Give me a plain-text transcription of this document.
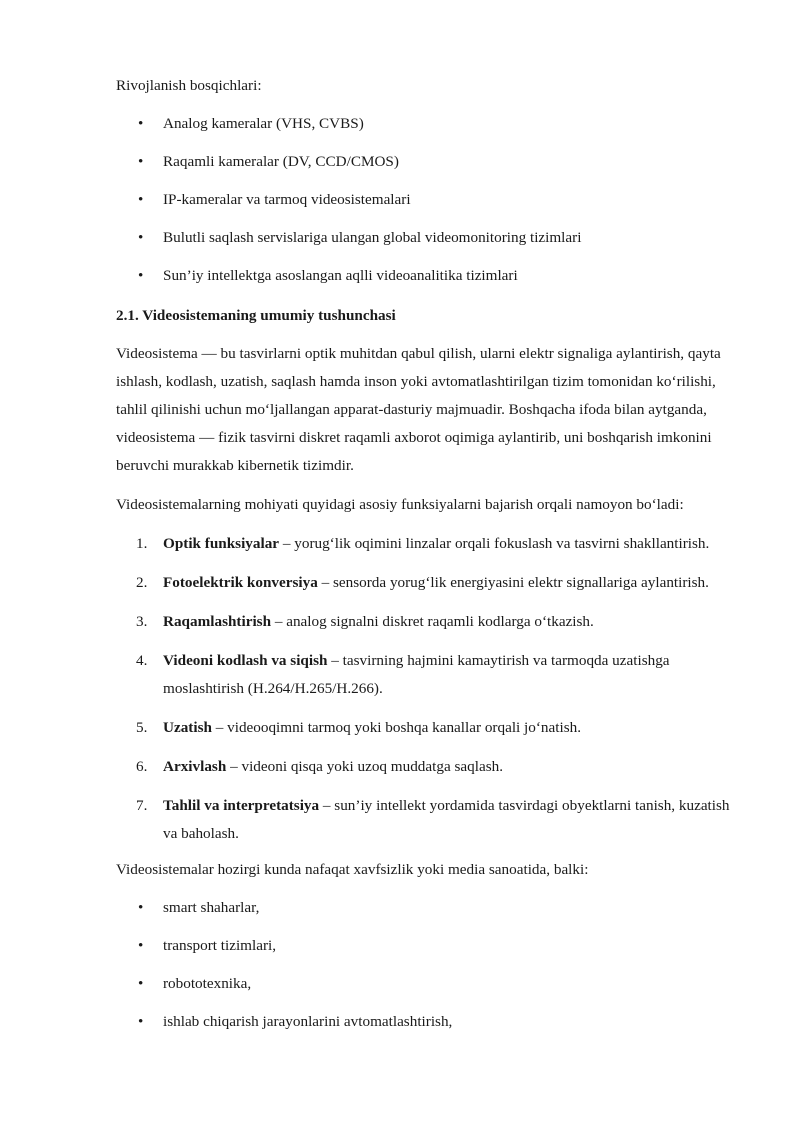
Rivojlanish bosqichlari:

• Analog kameralar (VHS, CVBS)
• Raqamli kameralar (DV, CCD/CMOS)
• IP-kameralar va tarmoq videosistemalari
• Bulutli saqlash servislariga ulangan global videomonitoring tizimlari
• Sun’iy intellektga asoslangan aqlli videoanalitika tizimlari

2.1. Videosistemaning umumiy tushunchasi

Videosistema — bu tasvirlarni optik muhitdan qabul qilish, ularni elektr signaliga aylantirish, qayta ishlash, kodlash, uzatish, saqlash hamda inson yoki avtomatlashtirilgan tizim tomonidan ko‘rilishi, tahlil qilinishi uchun mo‘ljallangan apparat-dasturiy majmuadir. Boshqacha ifoda bilan aytganda, videosistema — fizik tasvirni diskret raqamli axborot oqimiga aylantirib, uni boshqarish imkonini beruvchi murakkab kibernetik tizimdir.

Videosistemalarning mohiyati quyidagi asosiy funksiyalarni bajarish orqali namoyon bo‘ladi:

1. Optik funksiyalar – yorug‘lik oqimini linzalar orqali fokuslash va tasvirni shakllantirish.
2. Fotoelektrik konversiya – sensorda yorug‘lik energiyasini elektr signallariga aylantirish.
3. Raqamlashtirish – analog signalni diskret raqamli kodlarga o‘tkazish.
4. Videoni kodlash va siqish – tasvirning hajmini kamaytirish va tarmoqda uzatishga moslashtirish (H.264/H.265/H.266).
5. Uzatish – videooqimni tarmoq yoki boshqa kanallar orqali jo‘natish.
6. Arxivlash – videoni qisqa yoki uzoq muddatga saqlash.
7. Tahlil va interpretatsiya – sun’iy intellekt yordamida tasvirdagi obyektlarni tanish, kuzatish va baholash.

Videosistemalar hozirgi kunda nafaqat xavfsizlik yoki media sanoatida, balki:

• smart shaharlar,
• transport tizimlari,
• robototexnika,
• ishlab chiqarish jarayonlarini avtomatlashtirish,
